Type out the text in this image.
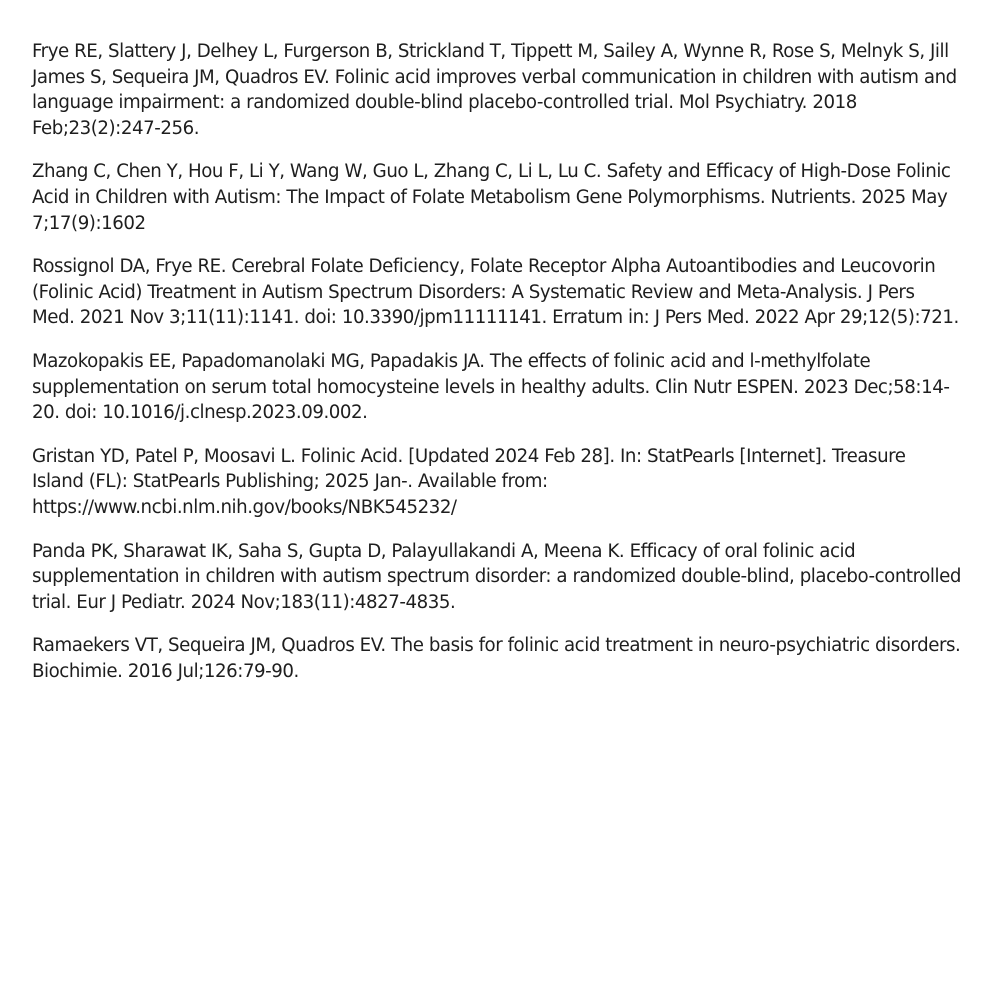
Frye RE, Slattery J, Delhey L, Furgerson B, Strickland T, Tippett M, Sailey A, Wynne R, Rose S, Melnyk S, Jill James S, Sequeira JM, Quadros EV. Folinic acid improves verbal communication in children with autism and language impairment: a randomized double-blind placebo-controlled trial. Mol Psychiatry. 2018 Feb;23(2):247-256.

Zhang C, Chen Y, Hou F, Li Y, Wang W, Guo L, Zhang C, Li L, Lu C. Safety and Efficacy of High-Dose Folinic Acid in Children with Autism: The Impact of Folate Metabolism Gene Polymorphisms. Nutrients. 2025 May 7;17(9):1602

Rossignol DA, Frye RE. Cerebral Folate Deficiency, Folate Receptor Alpha Autoantibodies and Leucovorin (Folinic Acid) Treatment in Autism Spectrum Disorders: A Systematic Review and Meta-Analysis. J Pers Med. 2021 Nov 3;11(11):1141. doi: 10.3390/jpm11111141. Erratum in: J Pers Med. 2022 Apr 29;12(5):721.

Mazokopakis EE, Papadomanolaki MG, Papadakis JA. The effects of folinic acid and l-methylfolate supplementation on serum total homocysteine levels in healthy adults. Clin Nutr ESPEN. 2023 Dec;58:14-20. doi: 10.1016/j.clnesp.2023.09.002.

Gristan YD, Patel P, Moosavi L. Folinic Acid. [Updated 2024 Feb 28]. In: StatPearls [Internet]. Treasure Island (FL): StatPearls Publishing; 2025 Jan-. Available from: https://www.ncbi.nlm.nih.gov/books/NBK545232/

Panda PK, Sharawat IK, Saha S, Gupta D, Palayullakandi A, Meena K. Efficacy of oral folinic acid supplementation in children with autism spectrum disorder: a randomized double-blind, placebo-controlled trial. Eur J Pediatr. 2024 Nov;183(11):4827-4835.

Ramaekers VT, Sequeira JM, Quadros EV. The basis for folinic acid treatment in neuro-psychiatric disorders. Biochimie. 2016 Jul;126:79-90.
